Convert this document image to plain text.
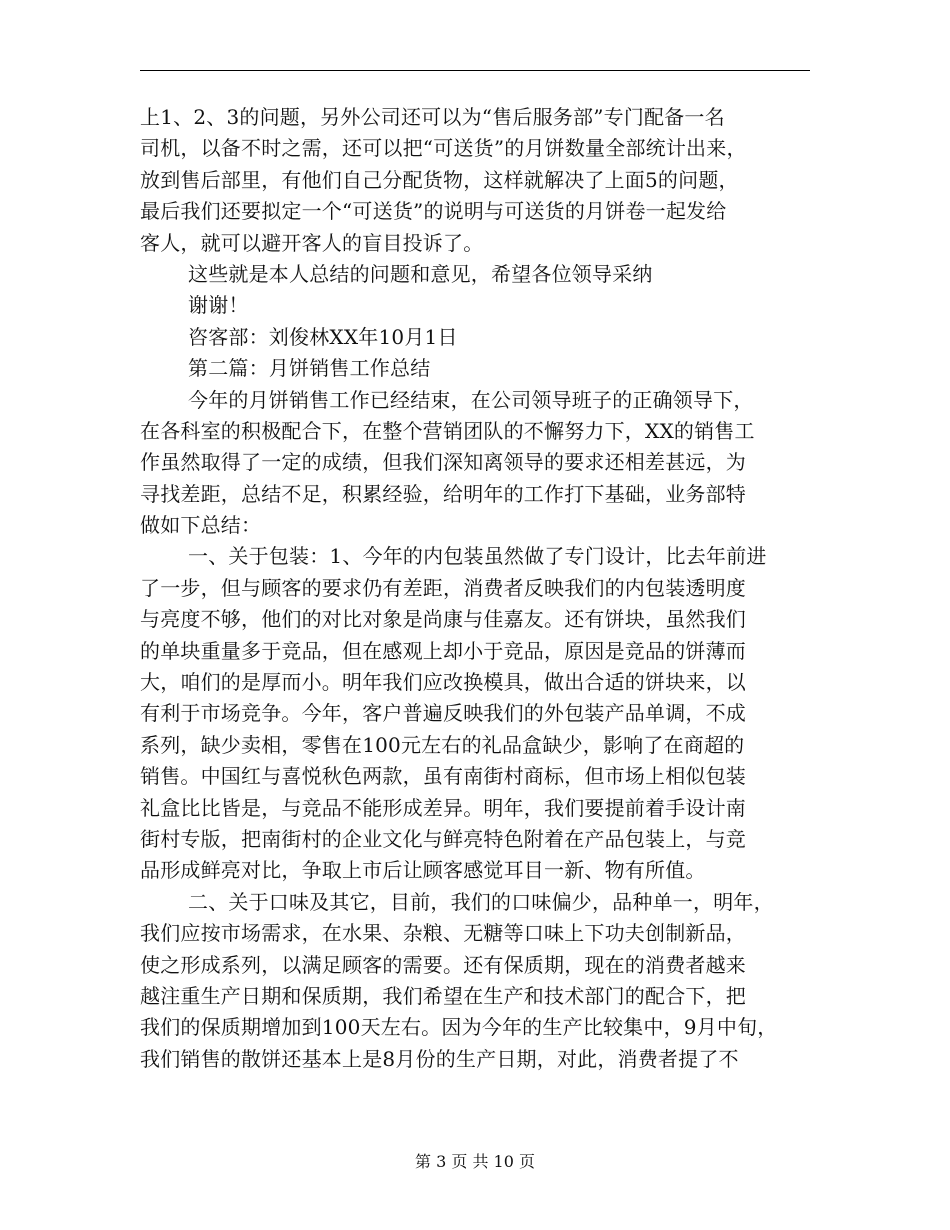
上1、2、3的问题，另外公司还可以为“售后服务部”专门配备一名
司机，以备不时之需，还可以把“可送货”的月饼数量全部统计出来，
放到售后部里，有他们自己分配货物，这样就解决了上面5的问题，
最后我们还要拟定一个“可送货”的说明与可送货的月饼卷一起发给
客人，就可以避开客人的盲目投诉了。
这些就是本人总结的问题和意见，希望各位领导采纳
谢谢！
咨客部：刘俊林XX年10月1日
第二篇：月饼销售工作总结
今年的月饼销售工作已经结束，在公司领导班子的正确领导下，
在各科室的积极配合下，在整个营销团队的不懈努力下，XX的销售工
作虽然取得了一定的成绩，但我们深知离领导的要求还相差甚远，为
寻找差距，总结不足，积累经验，给明年的工作打下基础，业务部特
做如下总结：
一、关于包装：1、今年的内包装虽然做了专门设计，比去年前进
了一步，但与顾客的要求仍有差距，消费者反映我们的内包装透明度
与亮度不够，他们的对比对象是尚康与佳嘉友。还有饼块，虽然我们
的单块重量多于竞品，但在感观上却小于竞品，原因是竞品的饼薄而
大，咱们的是厚而小。明年我们应改换模具，做出合适的饼块来，以
有利于市场竞争。今年，客户普遍反映我们的外包装产品单调，不成
系列，缺少卖相，零售在100元左右的礼品盒缺少，影响了在商超的
销售。中国红与喜悦秋色两款，虽有南街村商标，但市场上相似包装
礼盒比比皆是，与竞品不能形成差异。明年，我们要提前着手设计南
街村专版，把南街村的企业文化与鲜亮特色附着在产品包装上，与竞
品形成鲜亮对比，争取上市后让顾客感觉耳目一新、物有所值。
二、关于口味及其它，目前，我们的口味偏少，品种单一，明年，
我们应按市场需求，在水果、杂粮、无糖等口味上下功夫创制新品，
使之形成系列，以满足顾客的需要。还有保质期，现在的消费者越来
越注重生产日期和保质期，我们希望在生产和技术部门的配合下，把
我们的保质期增加到100天左右。因为今年的生产比较集中，9月中旬，
我们销售的散饼还基本上是8月份的生产日期，对此，消费者提了不
第 3 页 共 10 页
